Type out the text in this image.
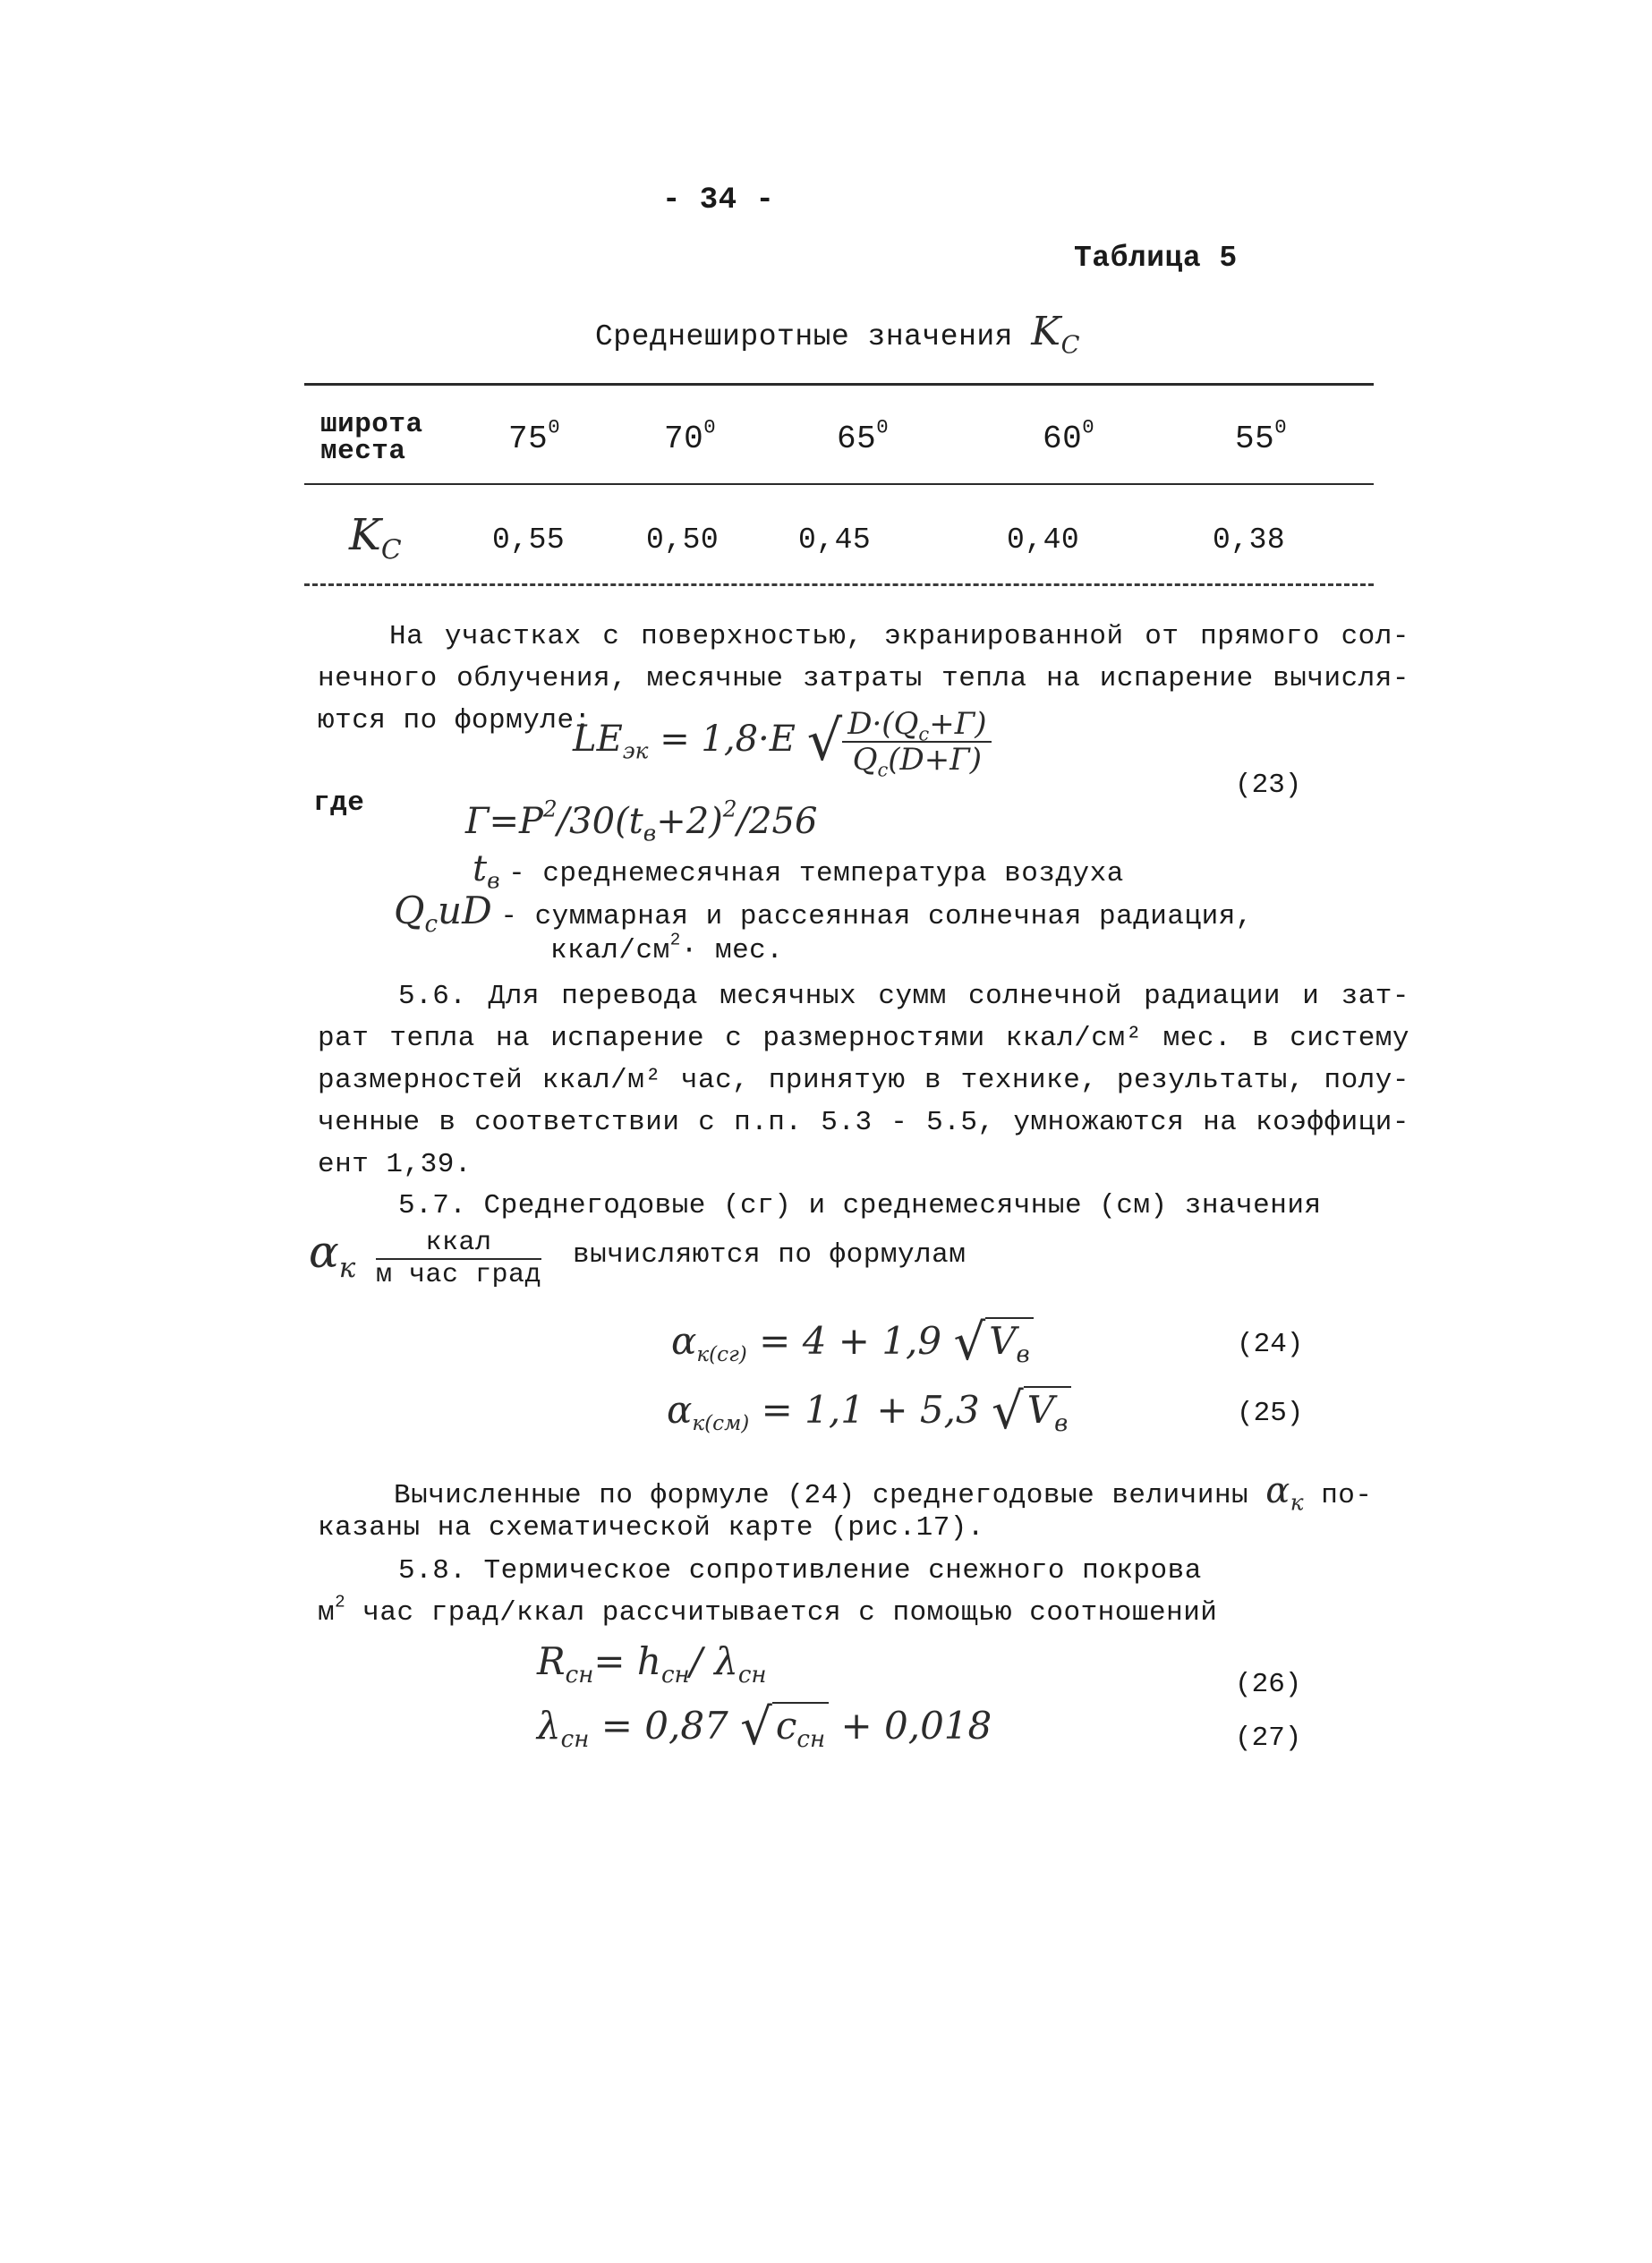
- 34 -
Таблица 5
Среднеширотные значения $K_C$
широта
места	$75^0$	$70^0$	$65^0$	$60^0$	$55^0$
$K_C$	0,55	0,50	0,45	0,40	0,38
На участках с поверхностью, экранированной от прямого сол-
нечного облучения, месячные затраты тепла на испарение вычисля-
ются по формуле:
$LE_{эк} = 1,8\cdot E$ √ $D\cdot(Q_c+Г)$
$Q_c(D+Г)$
(23)
где	$Г=P^2/30(t_в+2)^2/256$
$t_в$ - среднемесячная температура воздуха
$Q_cиD$ - суммарная и рассеянная солнечная радиация,
ккал/$см^2\cdot$ мес.
5.6. Для перевода месячных сумм солнечной радиации и зат-
рат тепла на испарение с размерностями ккал/см² мес. в систему
размерностей ккал/м² час, принятую в технике, результаты, полу-
ченные в соответствии с п.п. 5.3 - 5.5, умножаются на коэффици-
ент 1,39.
5.7. Среднегодовые (сг) и среднемесячные (см) значения
$\alpha_к$
ккал
м час град
вычисляются по формулам
$\alpha_{к(сг)} = 4 + 1,9$ $√V_в$	(24)
$\alpha_{к(см)} = 1,1 + 5,3$ $√V_в$	(25)
Вычисленные по формуле (24) среднегодовые величины $\alpha_к$ по-
казаны на схематической карте (рис.17).
5.8. Термическое сопротивление снежного покрова
$м^2$ час град/ккал рассчитывается с помощью соотношений
$R_{сн}= h_{сн}/$ $\lambda_{сн}$	(26)
$\lambda_{сн} = 0,87$ $√c_{сн} + 0,018$	(27)
